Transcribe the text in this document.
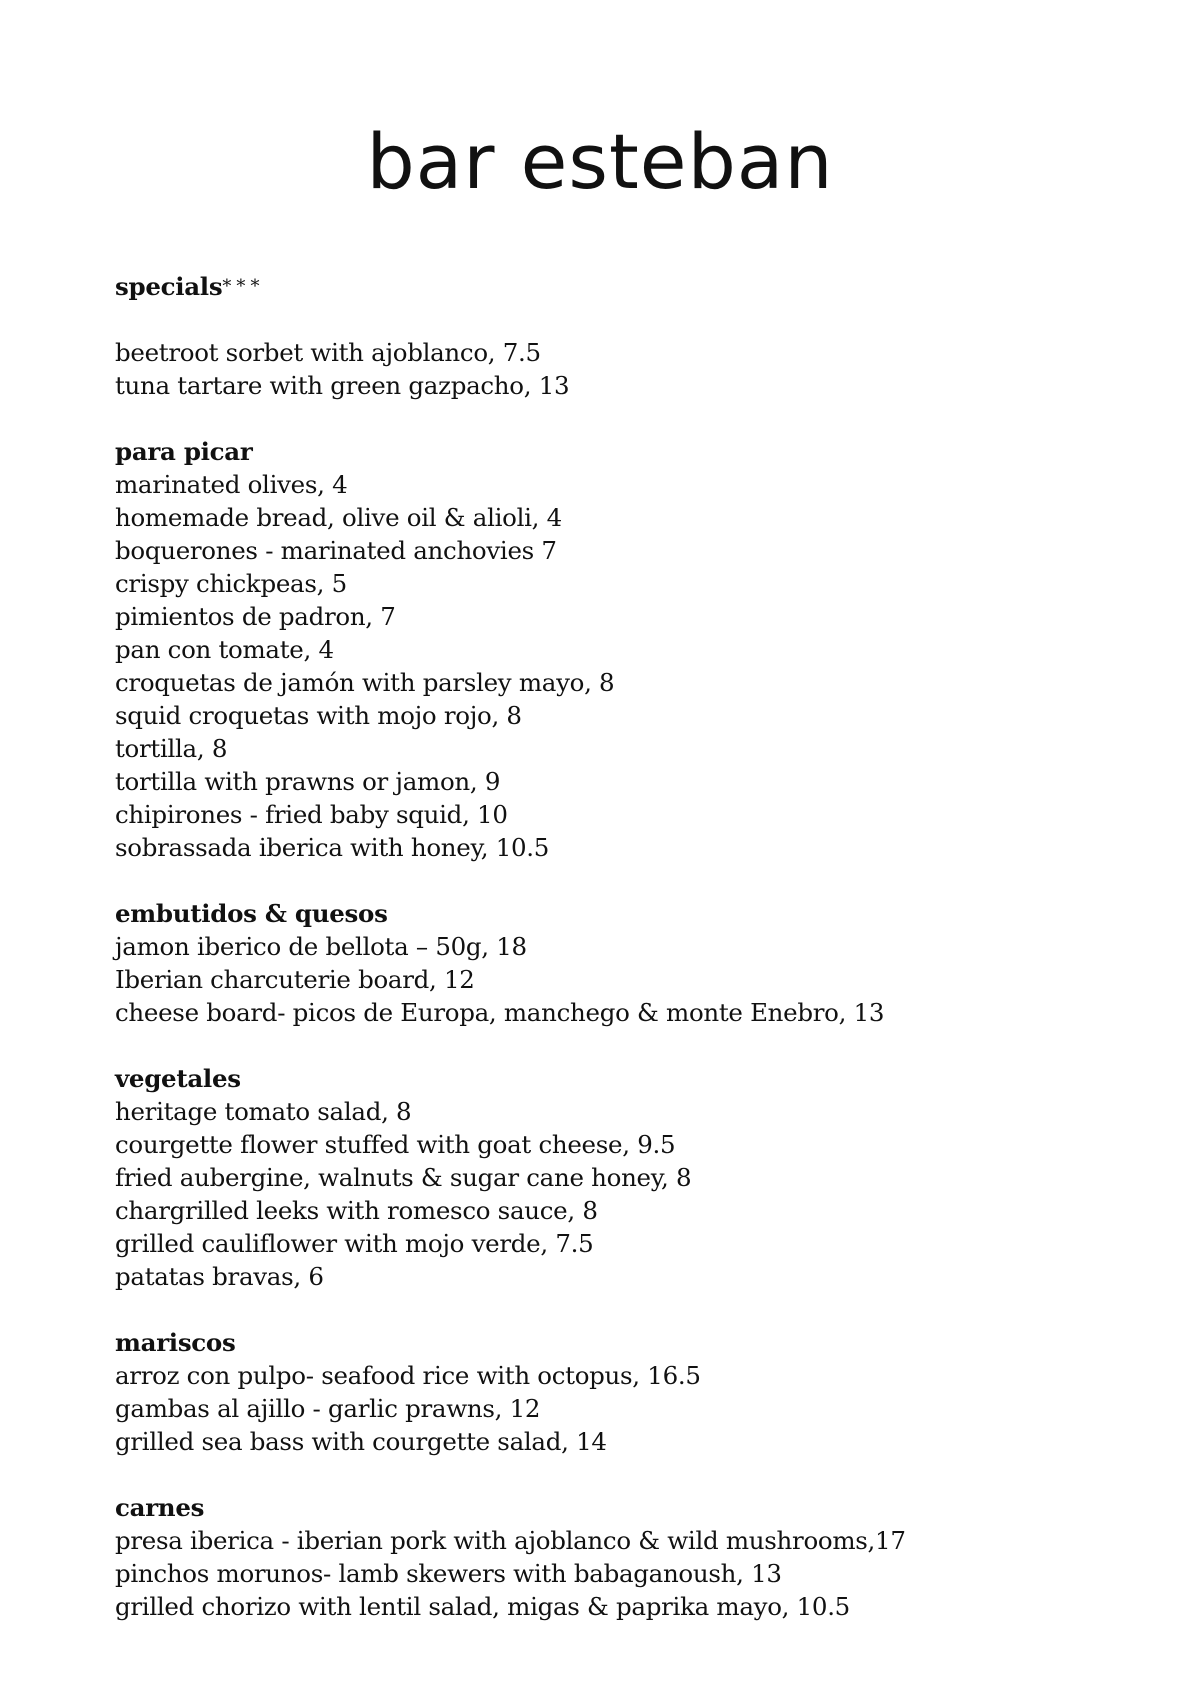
bar esteban
specials* * *
beetroot sorbet with ajoblanco, 7.5
tuna tartare with green gazpacho, 13
para picar
marinated olives, 4
homemade bread, olive oil & alioli, 4
boquerones - marinated anchovies 7
crispy chickpeas, 5
pimientos de padron, 7
pan con tomate, 4
croquetas de jamón with parsley mayo, 8
squid croquetas with mojo rojo, 8
tortilla, 8
tortilla with prawns or jamon, 9
chipirones - fried baby squid, 10
sobrassada iberica with honey, 10.5
embutidos & quesos
jamon iberico de bellota – 50g, 18
Iberian charcuterie board, 12
cheese board- picos de Europa, manchego & monte Enebro, 13
vegetales
heritage tomato salad, 8
courgette flower stuffed with goat cheese, 9.5
fried aubergine, walnuts & sugar cane honey, 8
chargrilled leeks with romesco sauce, 8
grilled cauliflower with mojo verde, 7.5
patatas bravas, 6
mariscos
arroz con pulpo- seafood rice with octopus, 16.5
gambas al ajillo - garlic prawns, 12
grilled sea bass with courgette salad, 14
carnes
presa iberica - iberian pork with ajoblanco & wild mushrooms,17
pinchos morunos- lamb skewers with babaganoush, 13
grilled chorizo with lentil salad, migas & paprika mayo, 10.5
